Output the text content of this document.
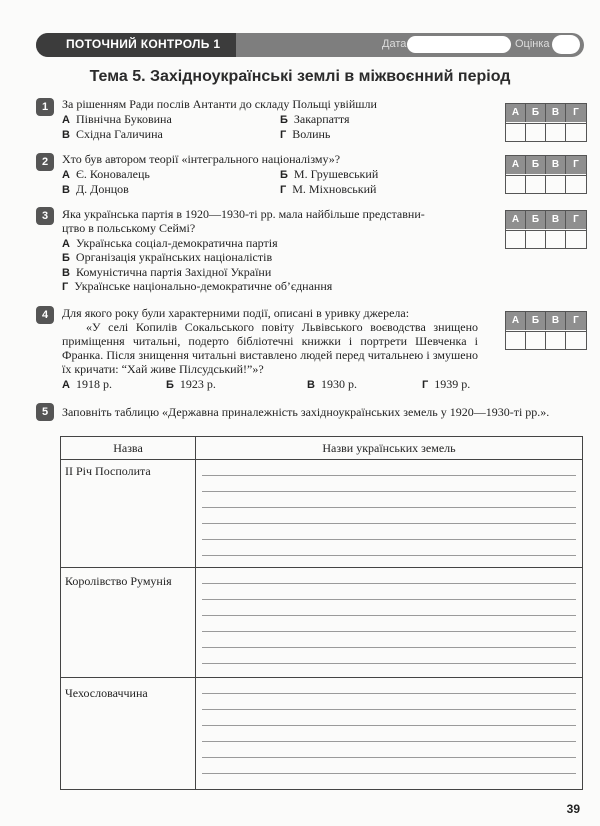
ПОТОЧНИЙ КОНТРОЛЬ 1	Дата	Оцінка
Тема 5. Західноукраїнські землі в міжвоєнний період
1	За рішенням Ради послів Антанти до складу Польщі увійшли
А Північна Буковина	Б Закарпаття
В Східна Галичина	Г Волинь
А	Б	В	Г
2	Хто був автором теорії «інтегрального націоналізму»?
А Є. Коновалець	Б М. Грушевський
В Д. Донцов	Г М. Міхновський
А	Б	В	Г
3	Яка українська партія в 1920—1930-ті рр. мала найбільше представни-
цтво в польському Сеймі?
А Українська соціал-демократична партія
Б Організація українських націоналістів
В Комуністична партія Західної України
Г Українське національно-демократичне об’єднання
А	Б	В	Г
4	Для якого року були характерними події, описані в уривку джерела:
«У селі Копилів Сокальського повіту Львівського воєводства знищено приміщення читальні, подерто бібліотечні книжки і портрети Шевченка і Франка. Після знищення читальні виставлено людей перед читальнею і змушено їх кричати: “Хай живе Пілсудський!”»?
А 1918 р.	Б 1923 р.	В 1930 р.	Г 1939 р.
А	Б	В	Г
5	Заповніть таблицю «Державна приналежність західноукраїнських земель у 1920—1930-ті рр.».
Назва	Назви українських земель

ІІ Річ Посполита	

Королівство Румунія	

Чехословаччина	

39
